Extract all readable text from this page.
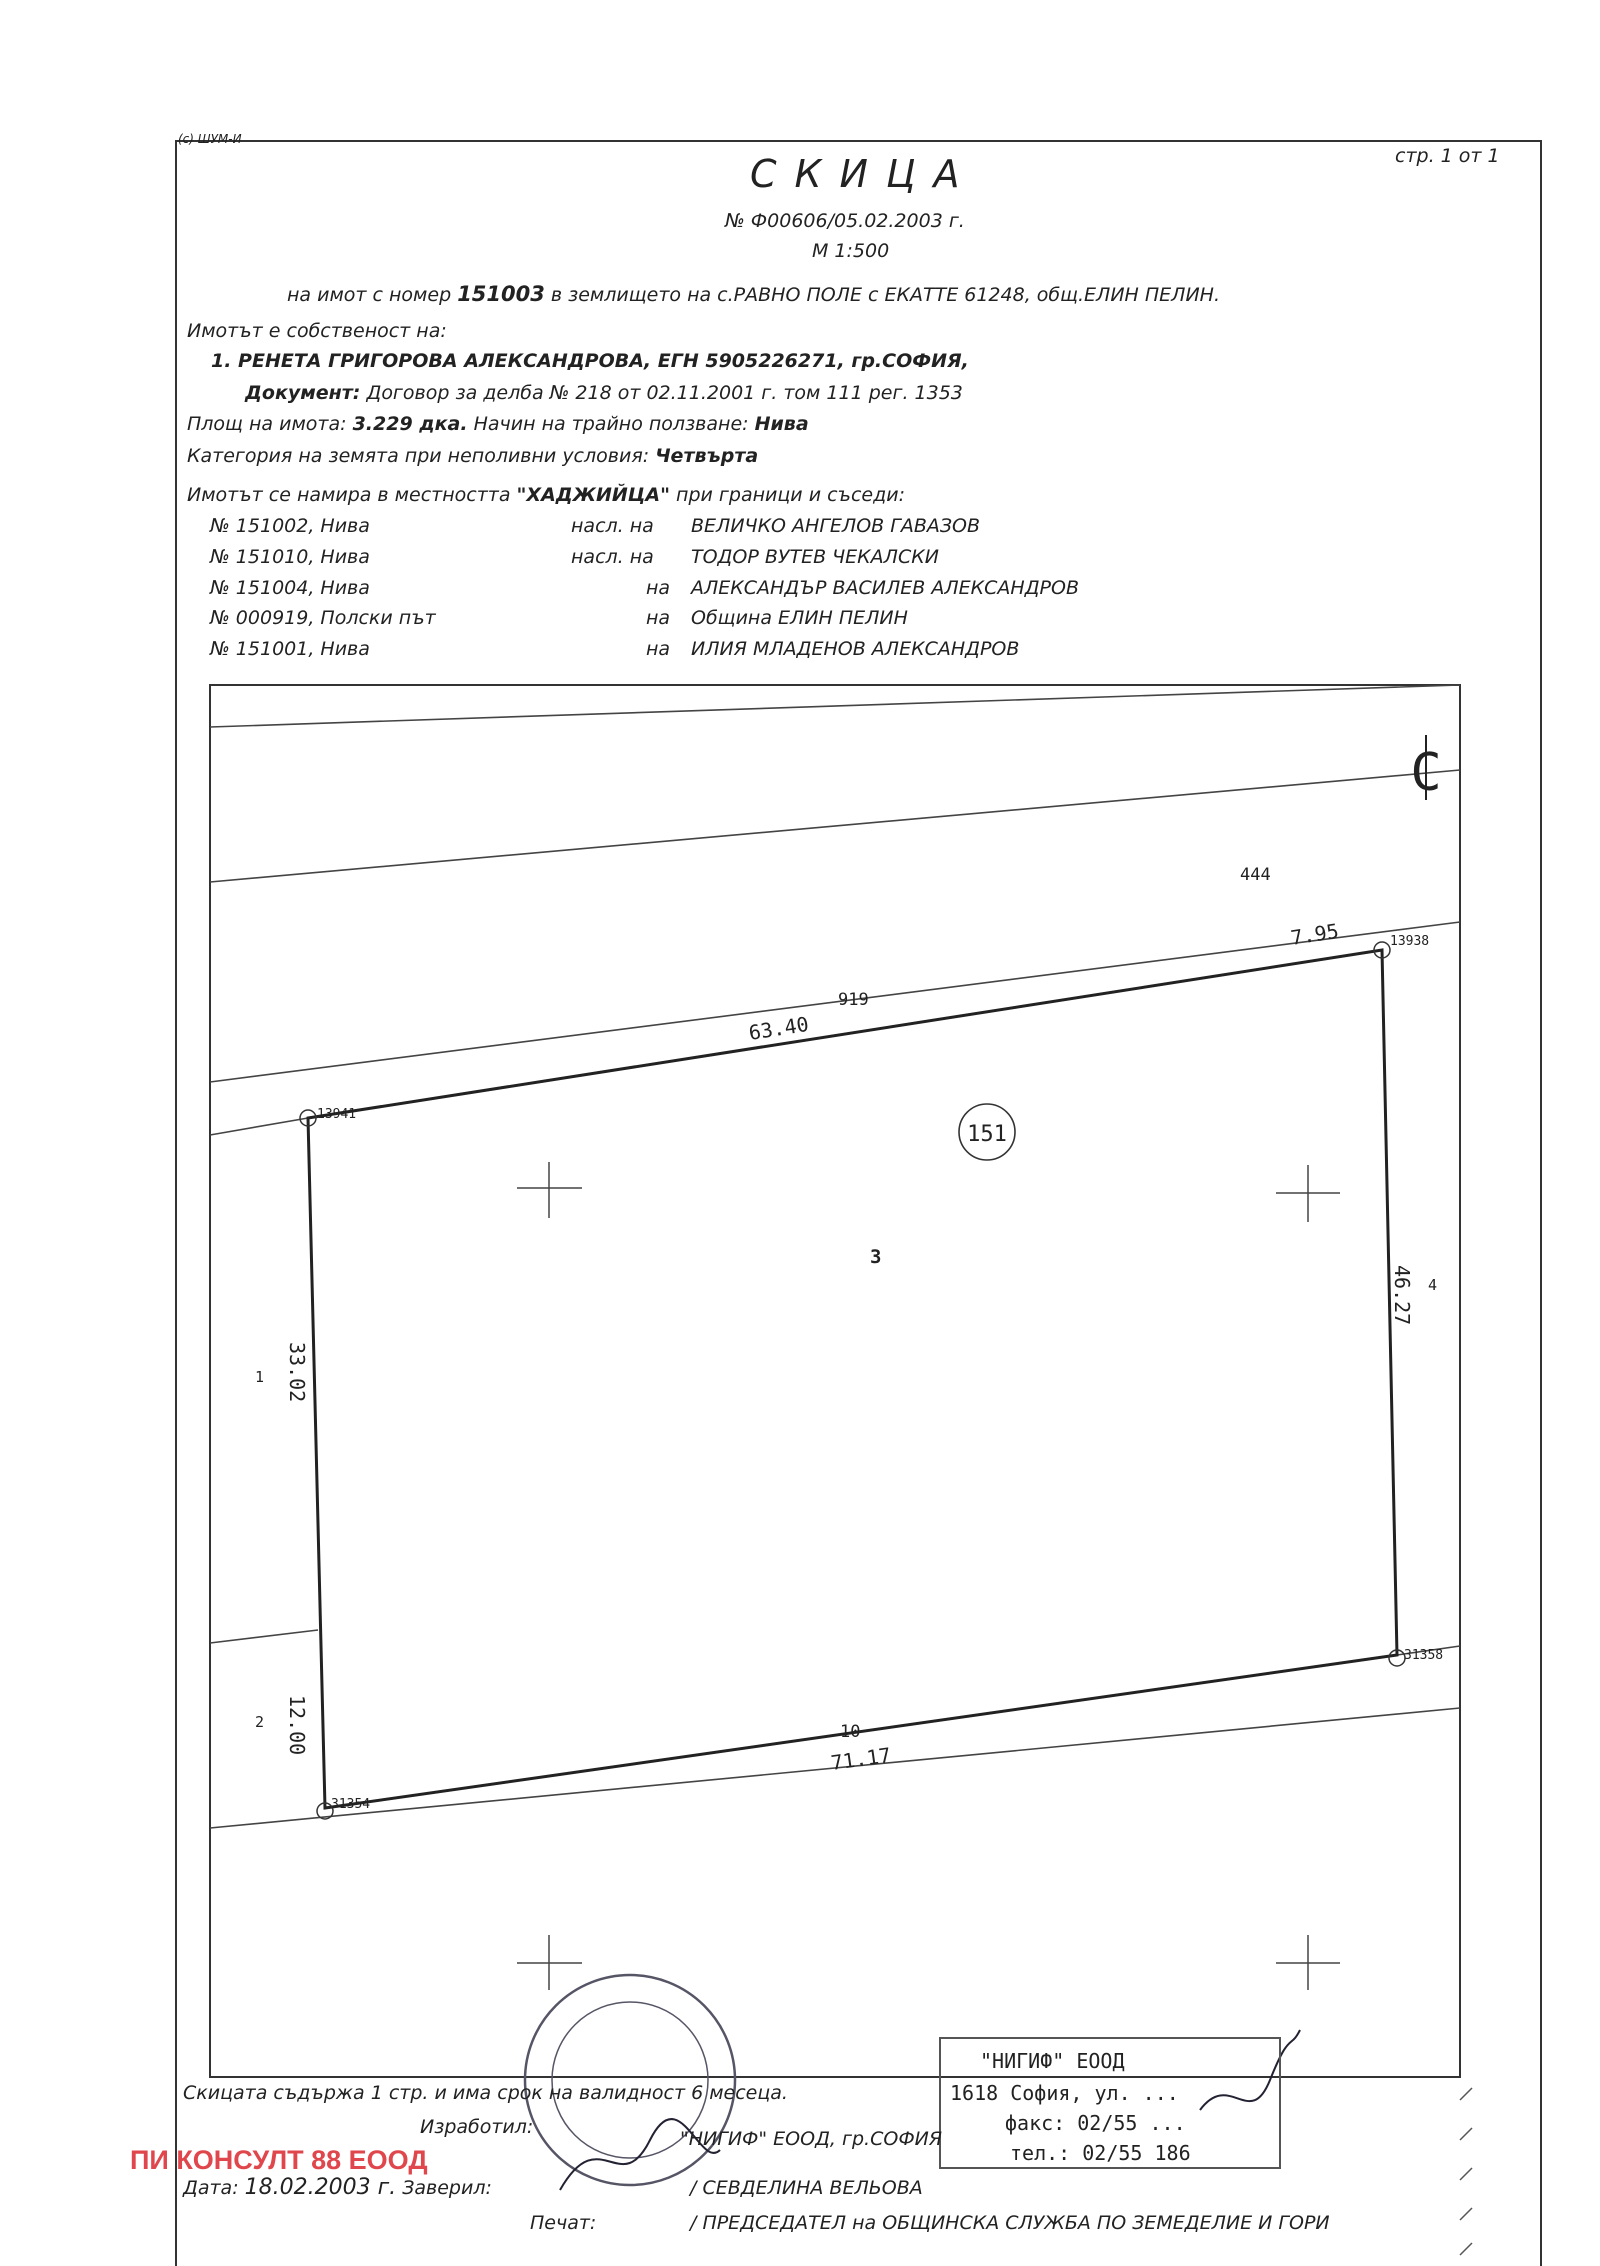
(c) ШУМ-И
стр. 1 от 1
СКИЦА
№ Ф00606/05.02.2003 г.
М 1:500
на имот с номер 151003 в землището на с.РАВНО ПОЛЕ с ЕКАТТЕ 61248, общ.ЕЛИН ПЕЛИН.
Имотът е собственост на:
1. РЕНЕТА ГРИГОРОВА АЛЕКСАНДРОВА, ЕГН 5905226271, гр.СОФИЯ,
Документ: Договор за делба № 218 от 02.11.2001 г. том 111 рег. 1353
Площ на имота: 3.229 дка. Начин на трайно ползване: Нива
Категория на земята при неполивни условия: Четвърта
Имотът се намира в местността "ХАДЖИЙЦА" при граници и съседи:
№ 151002, Нива	насл. на ВЕЛИЧКО АНГЕЛОВ ГАВАЗОВ
№ 151010, Нива	насл. на ТОДОР ВУТЕВ ЧЕКАЛСКИ
№ 151004, Нива	на АЛЕКСАНДЪР ВАСИЛЕВ АЛЕКСАНДРОВ
№ 000919, Полски път	на Община ЕЛИН ПЕЛИН
№ 151001, Нива	на ИЛИЯ МЛАДЕНОВ АЛЕКСАНДРОВ
151
С
3
444
919
10
1
2
4
63.40
7.95
33.02
12.00
46.27
71.17
13941
13938
31358
31354
"НИГИФ" ЕООД
1618 София, ул. ...
факс: 02/55 ...
тел.: 02/55 186
Скицата съдържа 1 стр. и има срок на валидност 6 месеца.
Изработил:
"НИГИФ" ЕООД, гр.СОФИЯ
Дата: 18.02.2003 г. Заверил:	/ СЕВДЕЛИНА ВЕЛЬОВА
Печат:	/ ПРЕДСЕДАТЕЛ на ОБЩИНСКА СЛУЖБА ПО ЗЕМЕДЕЛИЕ И ГОРИ
ПИ КОНСУЛТ 88 ЕООД
